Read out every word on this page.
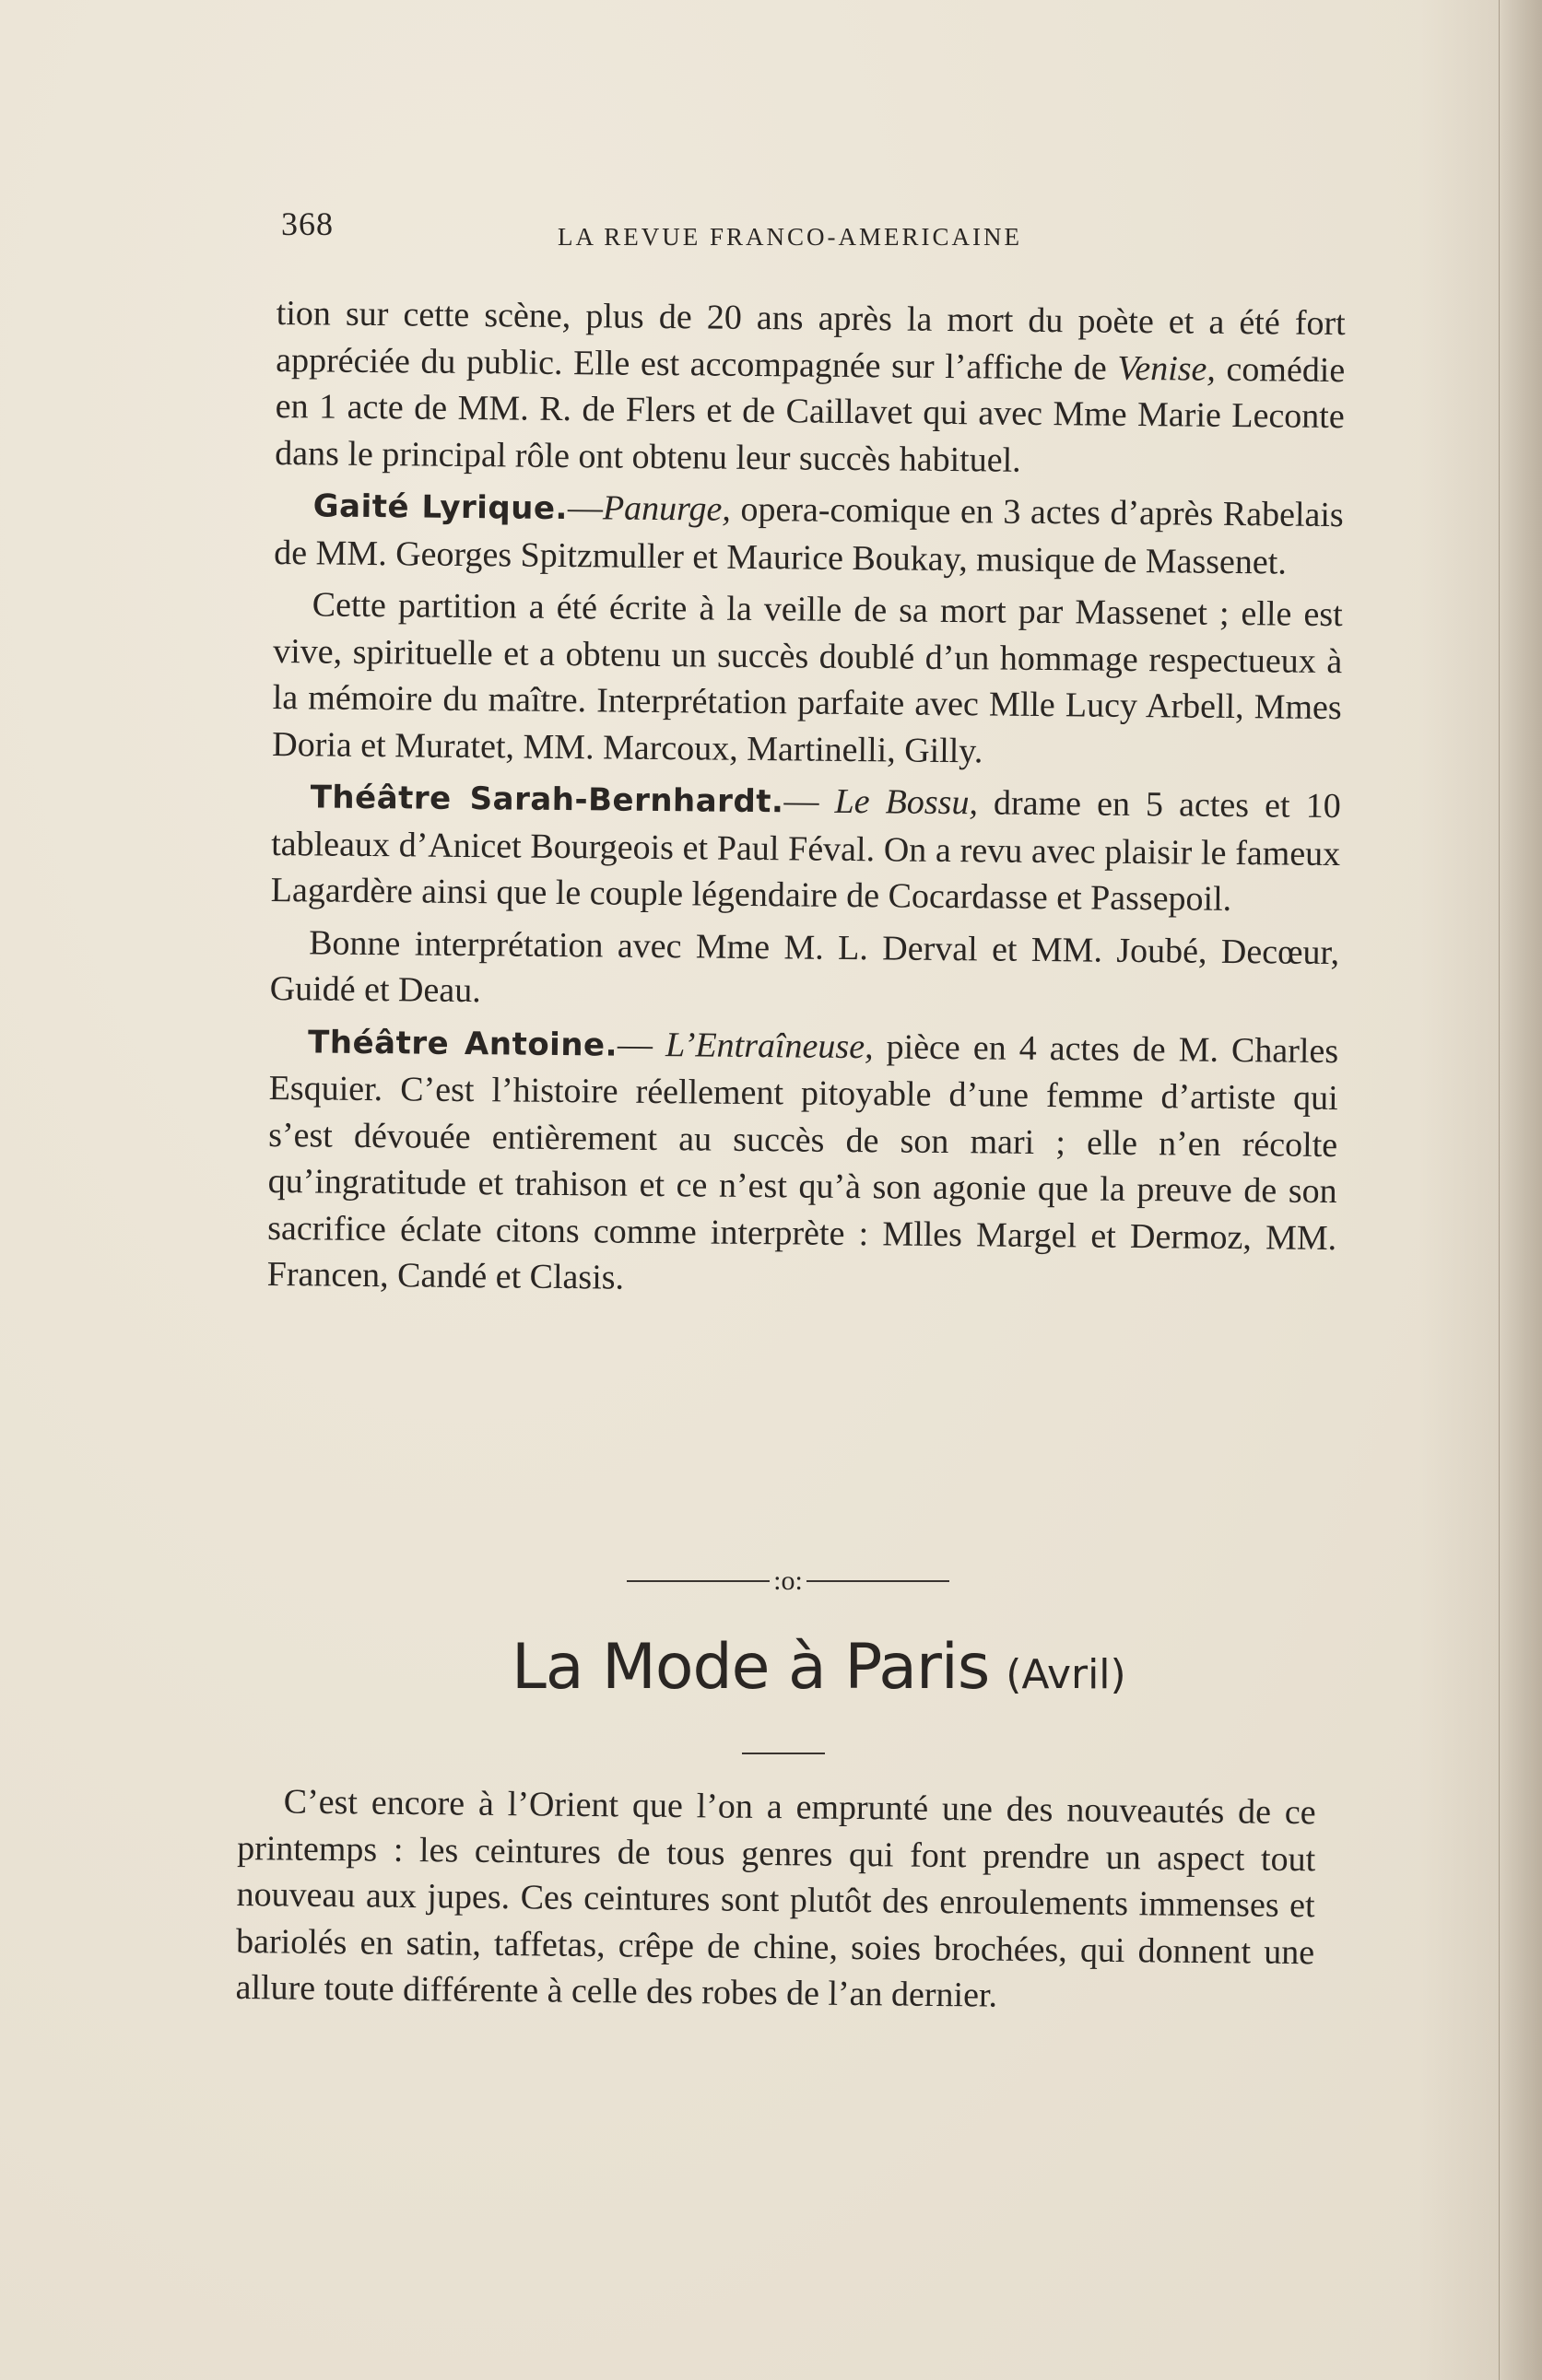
368	LA REVUE FRANCO-AMERICAINE

tion sur cette scène, plus de 20 ans après la mort du poète et a été fort appréciée du public. Elle est accompagnée sur l’affiche de Venise, comédie en 1 acte de MM. R. de Flers et de Caillavet qui avec Mme Marie Leconte dans le principal rôle ont obtenu leur succès habituel.

Gaité Lyrique.—Panurge, opera-comique en 3 actes d’après Rabelais de MM. Georges Spitzmuller et Maurice Boukay, musique de Massenet.

Cette partition a été écrite à la veille de sa mort par Massenet ; elle est vive, spirituelle et a obtenu un succès doublé d’un hommage respectueux à la mémoire du maître. Interprétation parfaite avec Mlle Lucy Arbell, Mmes Doria et Muratet, MM. Marcoux, Martinelli, Gilly.

Théâtre Sarah-Bernhardt.— Le Bossu, drame en 5 actes et 10 tableaux d’Anicet Bourgeois et Paul Féval. On a revu avec plaisir le fameux Lagardère ainsi que le couple légendaire de Cocardasse et Passepoil.

Bonne interprétation avec Mme M. L. Derval et MM. Joubé, Decœur, Guidé et Deau.

Théâtre Antoine.— L’Entraîneuse, pièce en 4 actes de M. Charles Esquier. C’est l’histoire réellement pitoyable d’une femme d’artiste qui s’est dévouée entièrement au succès de son mari ; elle n’en récolte qu’ingratitude et trahison et ce n’est qu’à son agonie que la preuve de son sacrifice éclate citons comme interprète : Mlles Margel et Dermoz, MM. Francen, Candé et Clasis.

:o:
La Mode à Paris (Avril)

C’est encore à l’Orient que l’on a emprunté une des nouveautés de ce printemps : les ceintures de tous genres qui font prendre un aspect tout nouveau aux jupes. Ces ceintures sont plutôt des enroulements immenses et bariolés en satin, taffetas, crêpe de chine, soies brochées, qui donnent une allure toute différente à celle des robes de l’an dernier.
